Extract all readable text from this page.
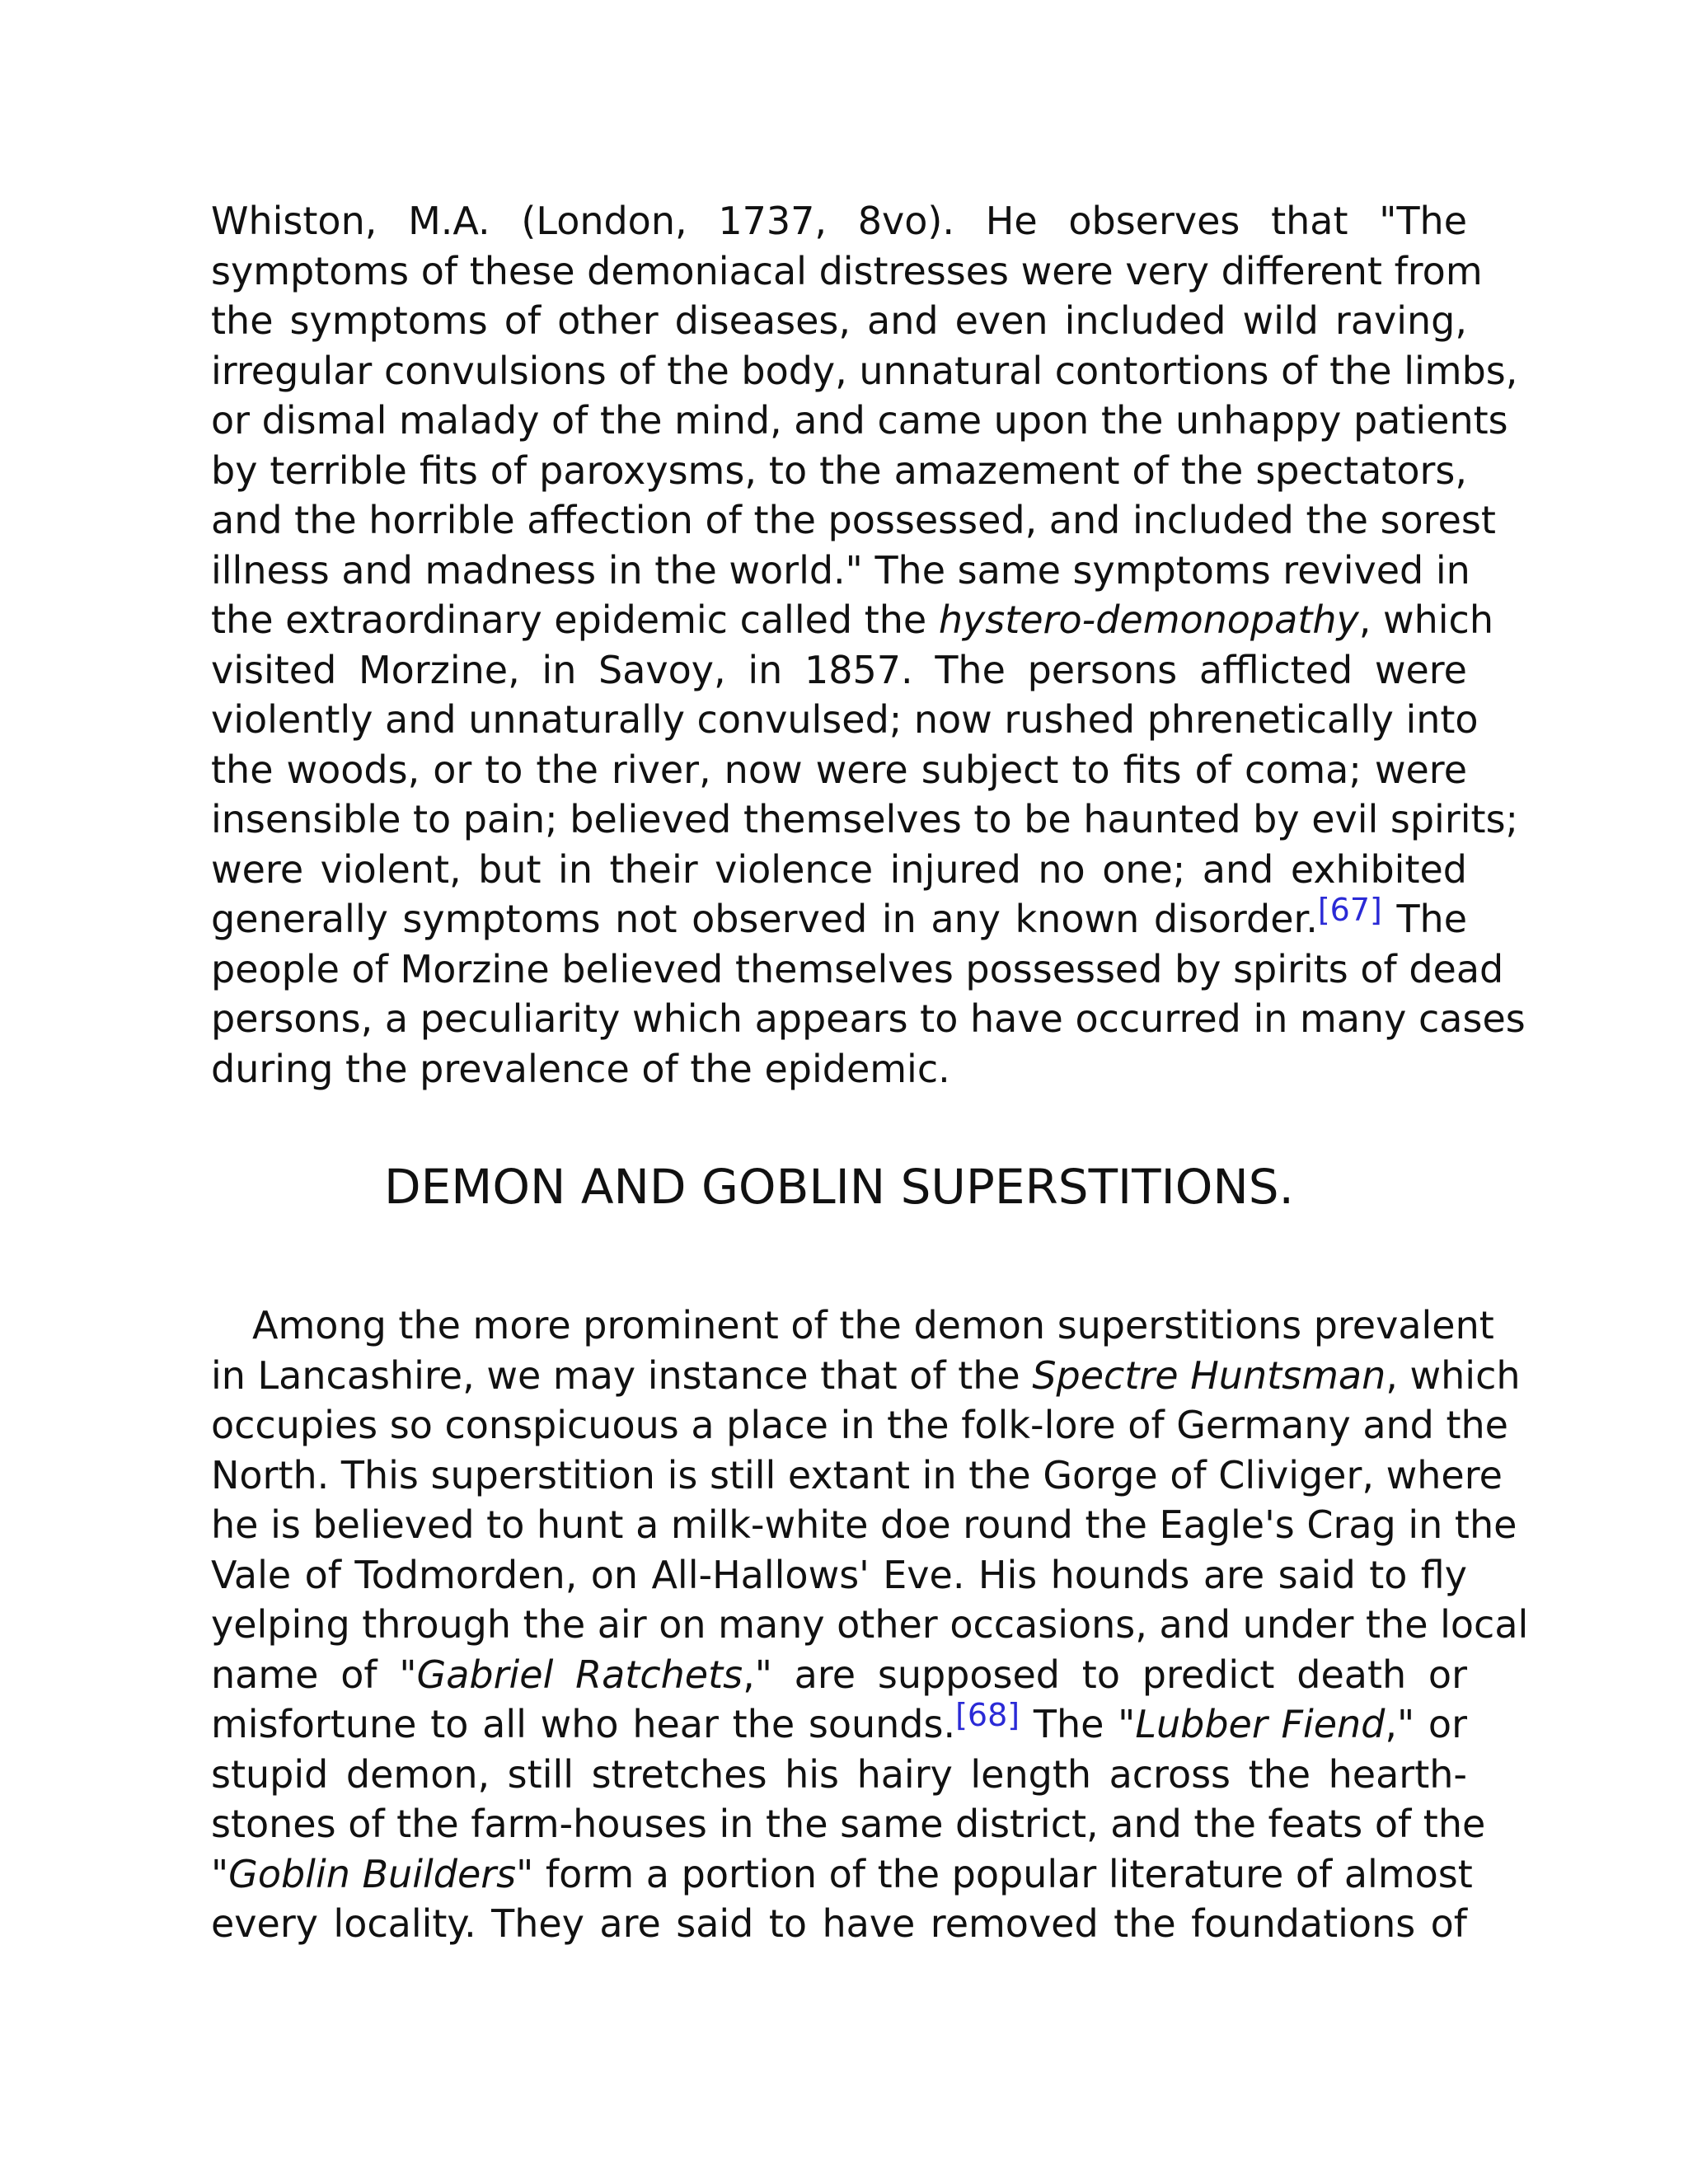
Whiston, M.A. (London, 1737, 8vo). He observes that "The
symptoms of these demoniacal distresses were very different from
the symptoms of other diseases, and even included wild raving,
irregular convulsions of the body, unnatural contortions of the limbs,
or dismal malady of the mind, and came upon the unhappy patients
by terrible fits of paroxysms, to the amazement of the spectators,
and the horrible affection of the possessed, and included the sorest
illness and madness in the world." The same symptoms revived in
the extraordinary epidemic called the hystero-demonopathy, which
visited Morzine, in Savoy, in 1857. The persons afflicted were
violently and unnaturally convulsed; now rushed phrenetically into
the woods, or to the river, now were subject to fits of coma; were
insensible to pain; believed themselves to be haunted by evil spirits;
were violent, but in their violence injured no one; and exhibited
generally symptoms not observed in any known disorder.[67] The
people of Morzine believed themselves possessed by spirits of dead
persons, a peculiarity which appears to have occurred in many cases
during the prevalence of the epidemic.
DEMON AND GOBLIN SUPERSTITIONS.
Among the more prominent of the demon superstitions prevalent
in Lancashire, we may instance that of the Spectre Huntsman, which
occupies so conspicuous a place in the folk-lore of Germany and the
North. This superstition is still extant in the Gorge of Cliviger, where
he is believed to hunt a milk-white doe round the Eagle's Crag in the
Vale of Todmorden, on All-Hallows' Eve. His hounds are said to fly
yelping through the air on many other occasions, and under the local
name of "Gabriel Ratchets," are supposed to predict death or
misfortune to all who hear the sounds.[68] The "Lubber Fiend," or
stupid demon, still stretches his hairy length across the hearth-
stones of the farm-houses in the same district, and the feats of the
"Goblin Builders" form a portion of the popular literature of almost
every locality. They are said to have removed the foundations of
